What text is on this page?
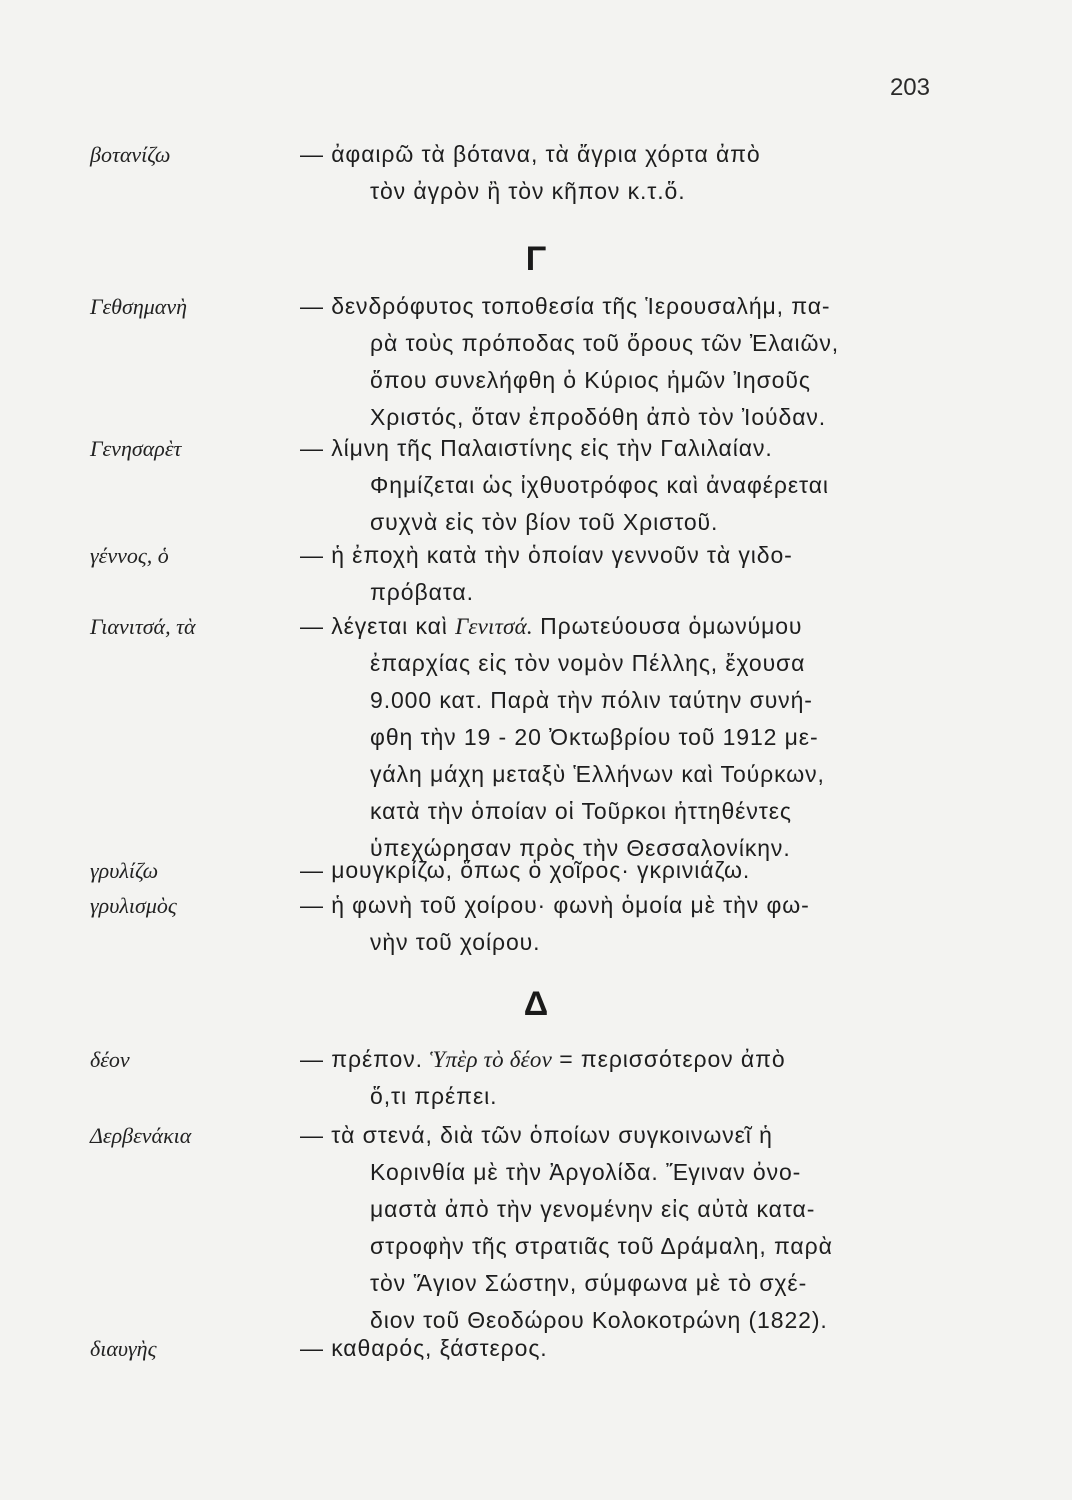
203
βοτανίζω	— ἀφαιρῶ τὰ βότανα, τὰ ἄγρια χόρτα ἀπὸ
τὸν ἀγρὸν ἢ τὸν κῆπον κ.τ.ὅ.
Γ
Γεθσημανὴ	— δενδρόφυτος τοποθεσία τῆς Ἱερουσαλήμ, πα-
ρὰ τοὺς πρόποδας τοῦ ὄρους τῶν Ἐλαιῶν,
ὅπου συνελήφθη ὁ Κύριος ἡμῶν Ἰησοῦς
Χριστός, ὅταν ἐπροδόθη ἀπὸ τὸν Ἰούδαν.
Γενησαρὲτ	— λίμνη τῆς Παλαιστίνης εἰς τὴν Γαλιλαίαν.
Φημίζεται ὡς ἰχθυοτρόφος καὶ ἀναφέρεται
συχνὰ εἰς τὸν βίον τοῦ Χριστοῦ.
γέννος, ὁ	— ἡ ἐποχὴ κατὰ τὴν ὁποίαν γεννοῦν τὰ γιδο-
πρόβατα.
Γιανιτσά, τὰ	— λέγεται καὶ Γενιτσά. Πρωτεύουσα ὁμωνύμου
ἐπαρχίας εἰς τὸν νομὸν Πέλλης, ἔχουσα
9.000 κατ. Παρὰ τὴν πόλιν ταύτην συνή-
φθη τὴν 19 - 20 Ὀκτωβρίου τοῦ 1912 με-
γάλη μάχη μεταξὺ Ἑλλήνων καὶ Τούρκων,
κατὰ τὴν ὁποίαν οἱ Τοῦρκοι ἡττηθέντες
ὑπεχώρησαν πρὸς τὴν Θεσσαλονίκην.
γρυλίζω	— μουγκρίζω, ὅπως ὁ χοῖρος· γκρινιάζω.
γρυλισμὸς	— ἡ φωνὴ τοῦ χοίρου· φωνὴ ὁμοία μὲ τὴν φω-
νὴν τοῦ χοίρου.
Δ
δέον	— πρέπον. Ὑπὲρ τὸ δέον = περισσότερον ἀπὸ
ὅ,τι πρέπει.
Δερβενάκια	— τὰ στενά, διὰ τῶν ὁποίων συγκοινωνεῖ ἡ
Κορινθία μὲ τὴν Ἀργολίδα. Ἔγιναν ὀνο-
μαστὰ ἀπὸ τὴν γενομένην εἰς αὐτὰ κατα-
στροφὴν τῆς στρατιᾶς τοῦ Δράμαλη, παρὰ
τὸν Ἅγιον Σώστην, σύμφωνα μὲ τὸ σχέ-
διον τοῦ Θεοδώρου Κολοκοτρώνη (1822).
διαυγὴς	— καθαρός, ξάστερος.
